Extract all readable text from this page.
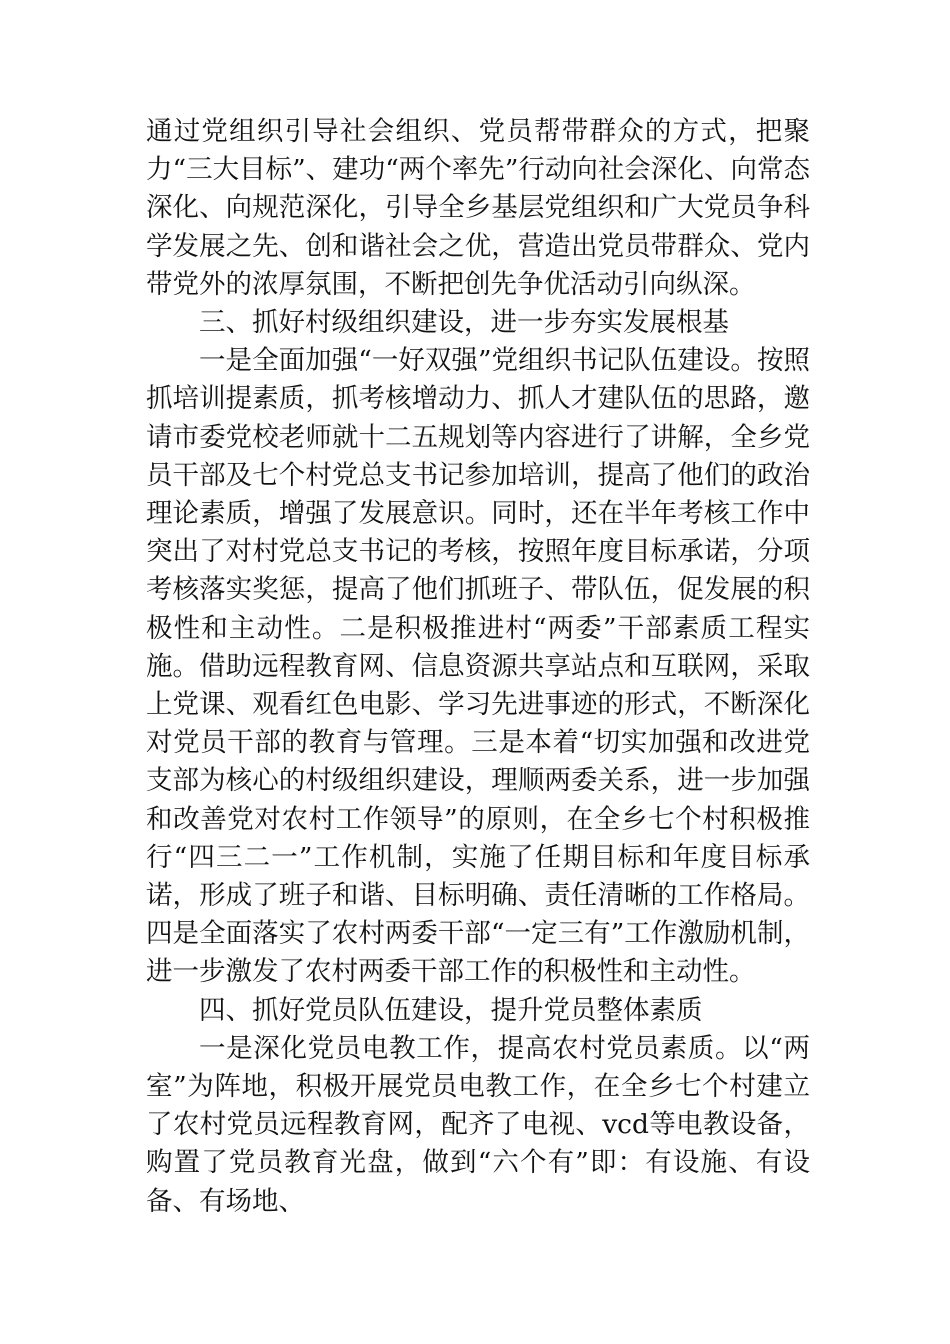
通过党组织引导社会组织、党员帮带群众的方式，把聚力“三大目标”、建功“两个率先”行动向社会深化、向常态深化、向规范深化，引导全乡基层党组织和广大党员争科学发展之先、创和谐社会之优，营造出党员带群众、党内带党外的浓厚氛围，不断把创先争优活动引向纵深。

三、抓好村级组织建设，进一步夯实发展根基

一是全面加强“一好双强”党组织书记队伍建设。按照抓培训提素质，抓考核增动力、抓人才建队伍的思路，邀请市委党校老师就十二五规划等内容进行了讲解，全乡党员干部及七个村党总支书记参加培训，提高了他们的政治理论素质，增强了发展意识。同时，还在半年考核工作中突出了对村党总支书记的考核，按照年度目标承诺，分项考核落实奖惩，提高了他们抓班子、带队伍，促发展的积极性和主动性。二是积极推进村“两委”干部素质工程实施。借助远程教育网、信息资源共享站点和互联网，采取上党课、观看红色电影、学习先进事迹的形式，不断深化对党员干部的教育与管理。三是本着“切实加强和改进党支部为核心的村级组织建设，理顺两委关系，进一步加强和改善党对农村工作领导”的原则，在全乡七个村积极推行“四三二一”工作机制，实施了任期目标和年度目标承诺，形成了班子和谐、目标明确、责任清晰的工作格局。四是全面落实了农村两委干部“一定三有”工作激励机制，进一步激发了农村两委干部工作的积极性和主动性。

四、抓好党员队伍建设，提升党员整体素质

一是深化党员电教工作，提高农村党员素质。以“两室”为阵地，积极开展党员电教工作，在全乡七个村建立了农村党员远程教育网，配齐了电视、vcd等电教设备，购置了党员教育光盘，做到“六个有”即：有设施、有设备、有场地、
